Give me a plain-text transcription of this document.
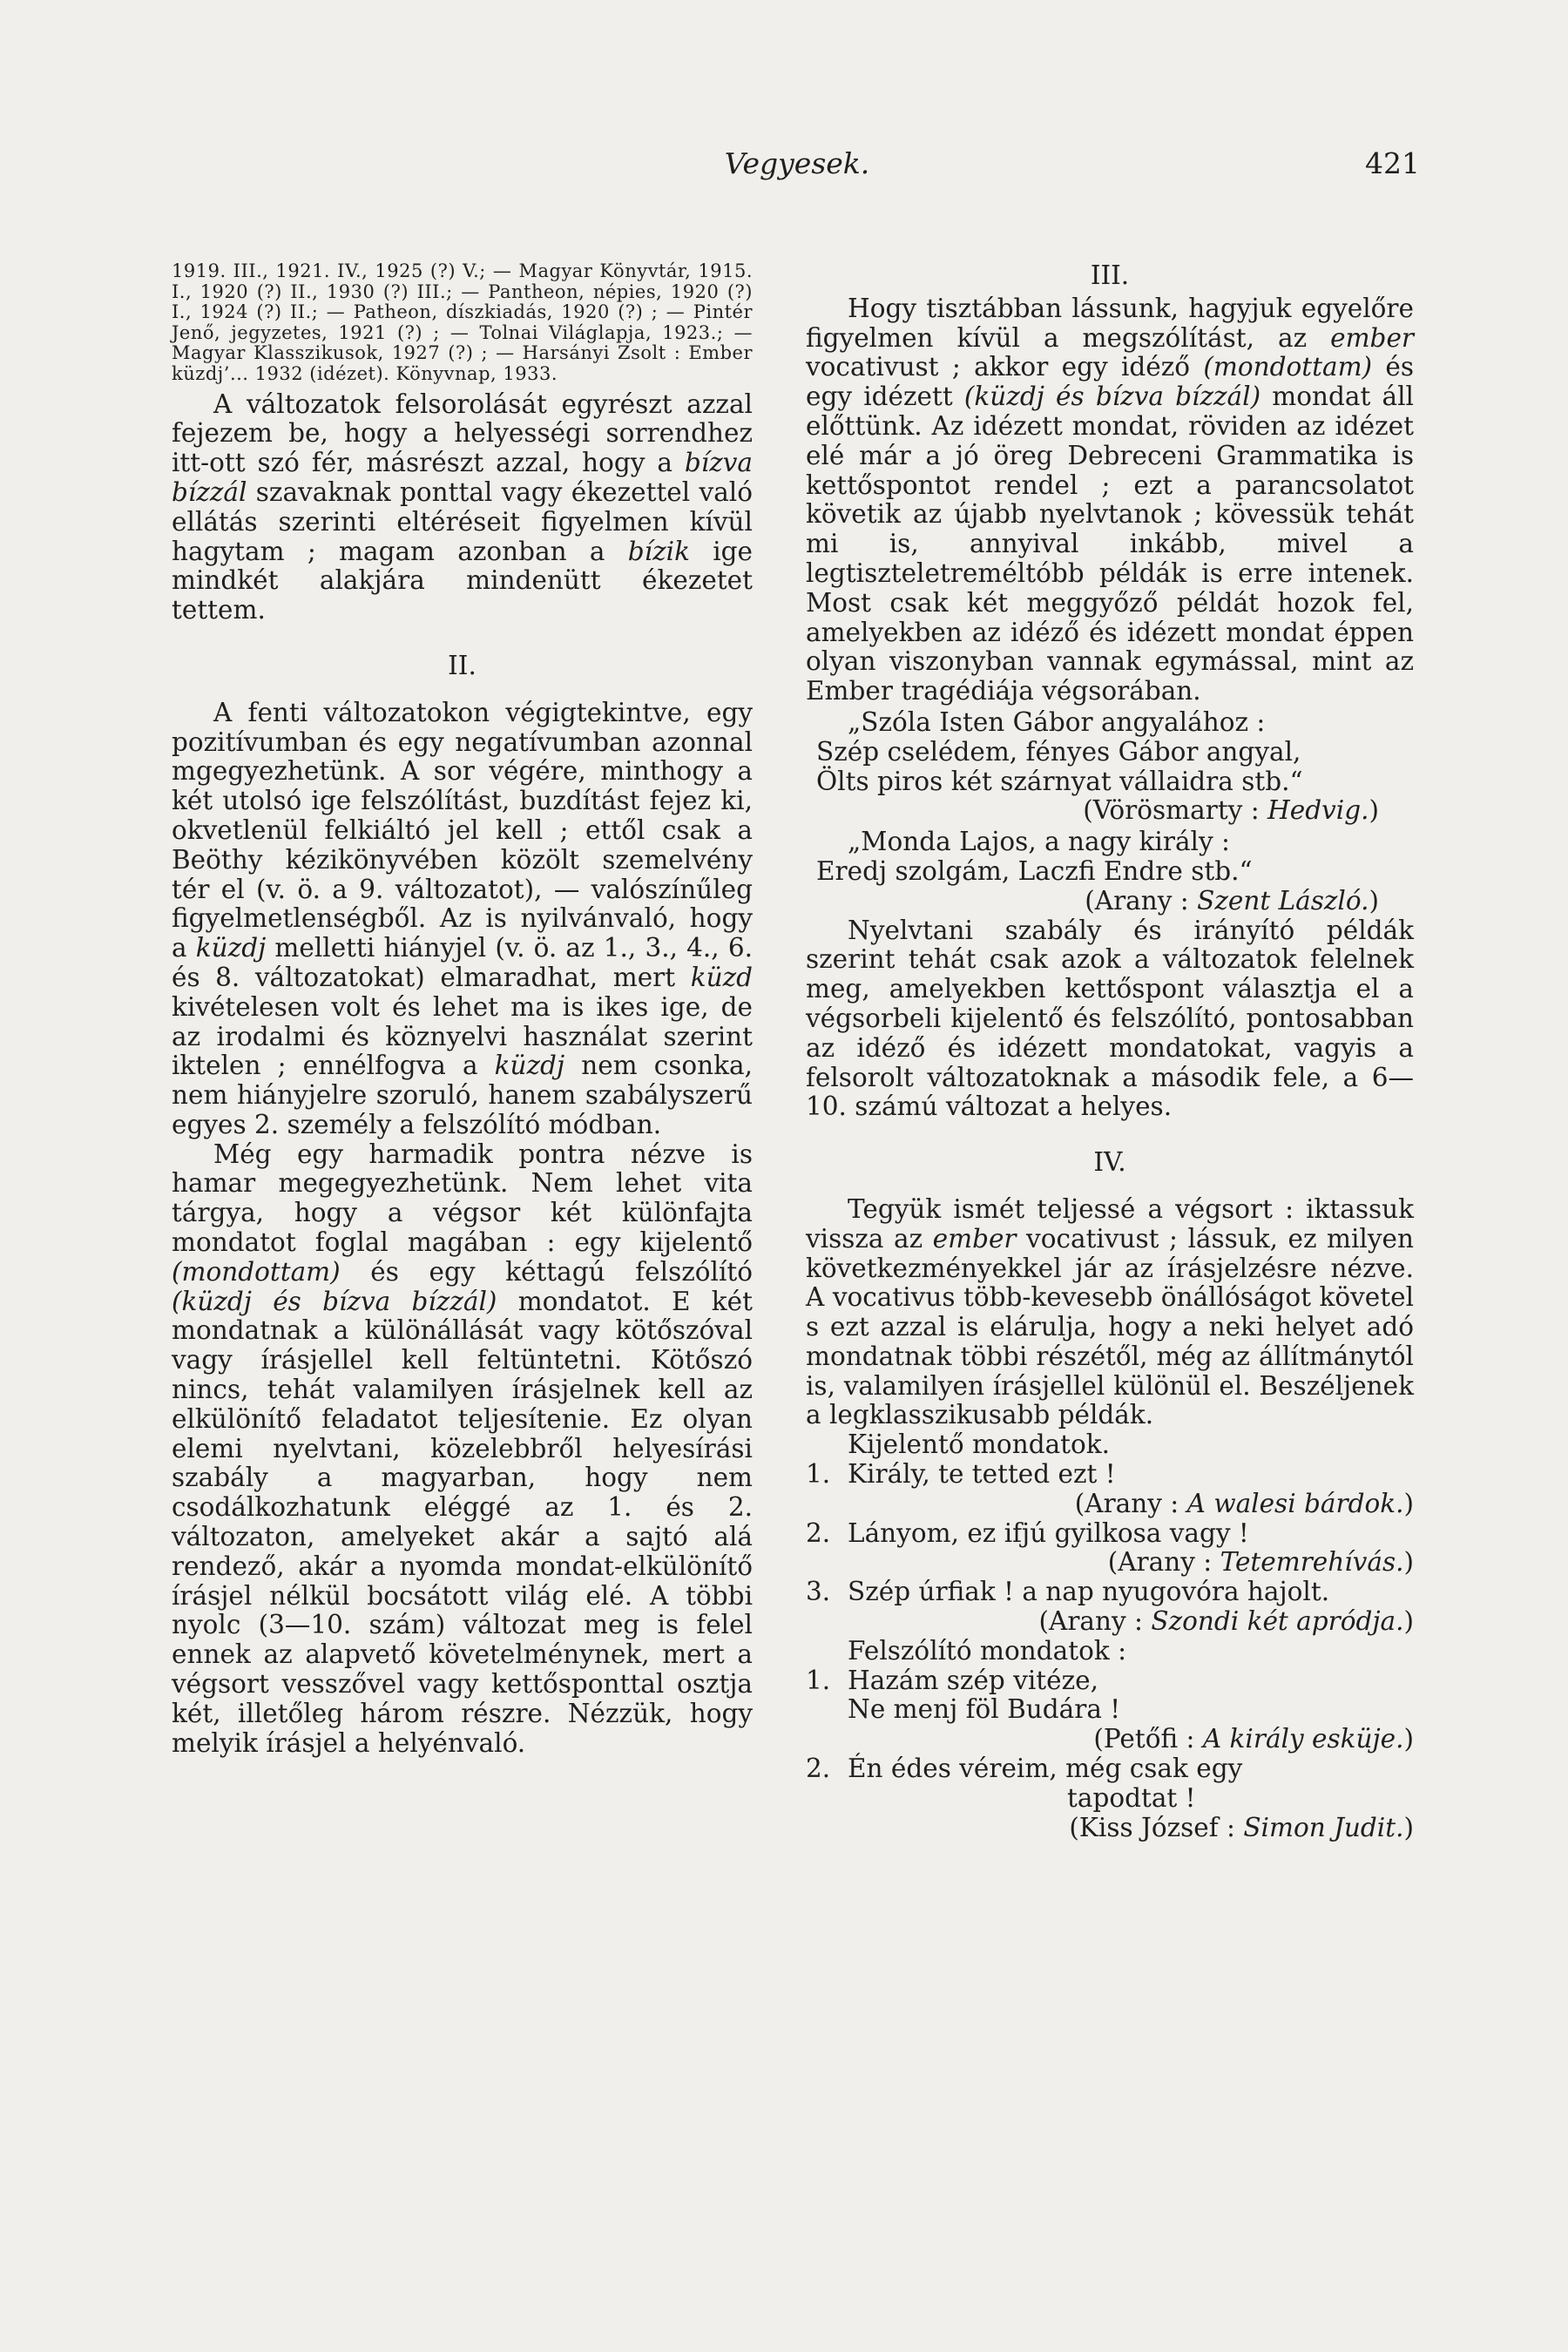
Vegyesek.	421

1919. III., 1921. IV., 1925 (?) V.; — Magyar Könyvtár, 1915. I., 1920 (?) II., 1930 (?) III.; — Pantheon, népies, 1920 (?) I., 1924 (?) II.; — Patheon, díszkiadás, 1920 (?) ; — Pintér Jenő, jegyzetes, 1921 (?) ; — Tolnai Világlapja, 1923.; — Magyar Klasszikusok, 1927 (?) ; — Harsányi Zsolt : Ember küzdj’... 1932 (idézet). Könyvnap, 1933.

A változatok felsorolását egyrészt azzal fejezem be, hogy a helyességi sorrendhez itt-ott szó fér, másrészt azzal, hogy a bízva bízzál szavaknak ponttal vagy ékezettel való ellátás szerinti eltéréseit figyelmen kívül hagytam ; magam azonban a bízik ige mindkét alakjára mindenütt ékezetet tettem.

II.

A fenti változatokon végigtekintve, egy pozitívumban és egy negatívumban azonnal mgegyezhetünk. A sor végére, minthogy a két utolsó ige felszólítást, buzdítást fejez ki, okvetlenül felkiáltó jel kell ; ettől csak a Beöthy kézikönyvében közölt szemelvény tér el (v. ö. a 9. változatot), — valószínűleg figyelmetlenségből. Az is nyilvánvaló, hogy a küzdj melletti hiányjel (v. ö. az 1., 3., 4., 6. és 8. változatokat) elmaradhat, mert küzd kivételesen volt és lehet ma is ikes ige, de az irodalmi és köznyelvi használat szerint iktelen ; ennélfogva a küzdj nem csonka, nem hiányjelre szoruló, hanem szabályszerű egyes 2. személy a felszólító módban.

Még egy harmadik pontra nézve is hamar megegyezhetünk. Nem lehet vita tárgya, hogy a végsor két különfajta mondatot foglal magában : egy kijelentő (mondottam) és egy kéttagú felszólító (küzdj és bízva bízzál) mondatot. E két mondatnak a különállását vagy kötőszóval vagy írásjellel kell feltüntetni. Kötőszó nincs, tehát valamilyen írásjelnek kell az elkülönítő feladatot teljesítenie. Ez olyan elemi nyelvtani, közelebbről helyesírási szabály a magyarban, hogy nem csodálkozhatunk eléggé az 1. és 2. változaton, amelyeket akár a sajtó alá rendező, akár a nyomda mondat-elkülönítő írásjel nélkül bocsátott világ elé. A többi nyolc (3—10. szám) változat meg is felel ennek az alapvető követelménynek, mert a végsort vesszővel vagy kettősponttal osztja két, illetőleg három részre. Nézzük, hogy melyik írásjel a helyénvaló.

III.

Hogy tisztábban lássunk, hagyjuk egyelőre figyelmen kívül a megszólítást, az ember vocativust ; akkor egy idéző (mondottam) és egy idézett (küzdj és bízva bízzál) mondat áll előttünk. Az idézett mondat, röviden az idézet elé már a jó öreg Debreceni Grammatika is kettőspontot rendel ; ezt a parancsolatot követik az újabb nyelvtanok ; kövessük tehát mi is, annyival inkább, mivel a legtiszteletreméltóbb példák is erre intenek. Most csak két meggyőző példát hozok fel, amelyekben az idéző és idézett mondat éppen olyan viszonyban vannak egymással, mint az Ember tragédiája végsorában.

„Szóla Isten Gábor angyalához :
Szép cselédem, fényes Gábor angyal,
Ölts piros két szárnyat vállaidra stb.“
(Vörösmarty : Hedvig.)
„Monda Lajos, a nagy király :
Eredj szolgám, Laczfi Endre stb.“
(Arany : Szent László.)

Nyelvtani szabály és irányító példák szerint tehát csak azok a változatok felelnek meg, amelyekben kettőspont választja el a végsorbeli kijelentő és felszólító, pontosabban az idéző és idézett mondatokat, vagyis a felsorolt változatoknak a második fele, a 6—10. számú változat a helyes.

IV.

Tegyük ismét teljessé a végsort : iktassuk vissza az ember vocativust ; lássuk, ez milyen következményekkel jár az írásjelzésre nézve. A vocativus több-kevesebb önállóságot követel s ezt azzal is elárulja, hogy a neki helyet adó mondatnak többi részétől, még az állítmánytól is, valamilyen írásjellel különül el. Beszéljenek a legklasszikusabb példák.

Kijelentő mondatok.
1. Király, te tetted ezt !
(Arany : A walesi bárdok.)
2. Lányom, ez ifjú gyilkosa vagy !
(Arany : Tetemrehívás.)
3. Szép úrfiak ! a nap nyugovóra hajolt.
(Arany : Szondi két apródja.)
Felszólító mondatok :
1. Hazám szép vitéze,
Ne menj föl Budára !
(Petőfi : A király esküje.)
2. Én édes véreim, még csak egy
tapodtat !
(Kiss József : Simon Judit.)
